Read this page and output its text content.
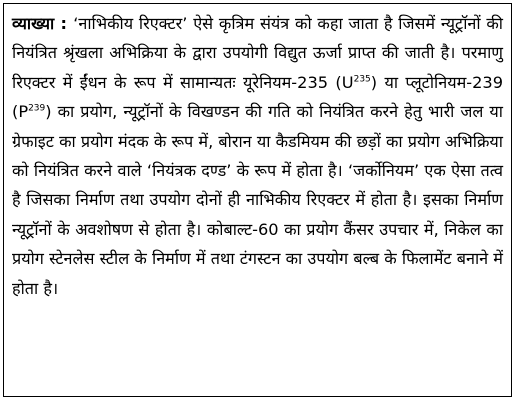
व्याख्या : ‘नाभिकीय रिएक्टर’ ऐसे कृत्रिम संयंत्र को कहा जाता है जिसमें न्यूट्रॉनों की नियंत्रित श्रृंखला अभिक्रिया के द्वारा उपयोगी विद्युत ऊर्जा प्राप्त की जाती है। परमाणु रिएक्टर में ईंधन के रूप में सामान्यतः यूरेनियम-235 $(U^{235})$ या प्लूटोनियम-239 $(P^{239})$ का प्रयोग, न्यूट्रॉनों के विखण्डन की गति को नियंत्रित करने हेतु भारी जल या ग्रेफाइट का प्रयोग मंदक के रूप में, बोरान या कैडमियम की छड़ों का प्रयोग अभिक्रिया को नियंत्रित करने वाले ‘नियंत्रक दण्ड’ के रूप में होता है। ‘जर्कोनियम’ एक ऐसा तत्व है जिसका निर्माण तथा उपयोग दोनों ही नाभिकीय रिएक्टर में होता है। इसका निर्माण न्यूट्रॉनों के अवशोषण से होता है। कोबाल्ट-60 का प्रयोग कैंसर उपचार में, निकेल का प्रयोग स्टेनलेस स्टील के निर्माण में तथा टंगस्टन का उपयोग बल्ब के फिलामेंट बनाने में होता है।
